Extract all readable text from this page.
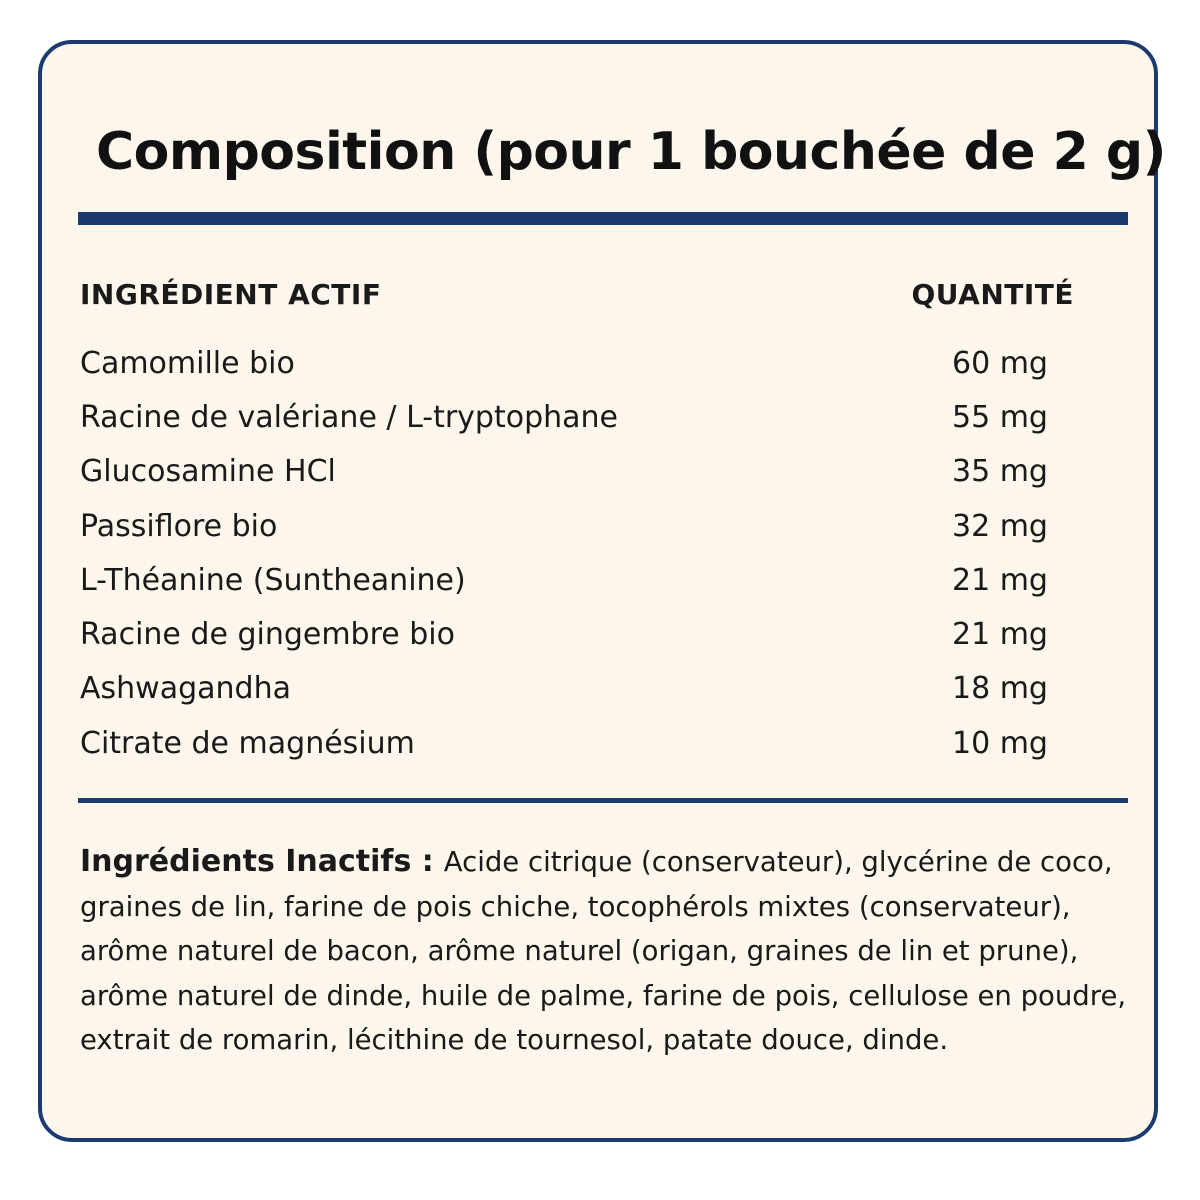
Composition (pour 1 bouchée de 2 g)
INGRÉDIENT ACTIF	QUANTITÉ
Camomille bio	60 mg
Racine de valériane / L-tryptophane	55 mg
Glucosamine HCl	35 mg
Passiflore bio	32 mg
L-Théanine (Suntheanine)	21 mg
Racine de gingembre bio	21 mg
Ashwagandha	18 mg
Citrate de magnésium	10 mg

Ingrédients Inactifs : Acide citrique (conservateur), glycérine de coco, graines de lin, farine de pois chiche, tocophérols mixtes (conservateur), arôme naturel de bacon, arôme naturel (origan, graines de lin et prune), arôme naturel de dinde, huile de palme, farine de pois, cellulose en poudre, extrait de romarin, lécithine de tournesol, patate douce, dinde.
